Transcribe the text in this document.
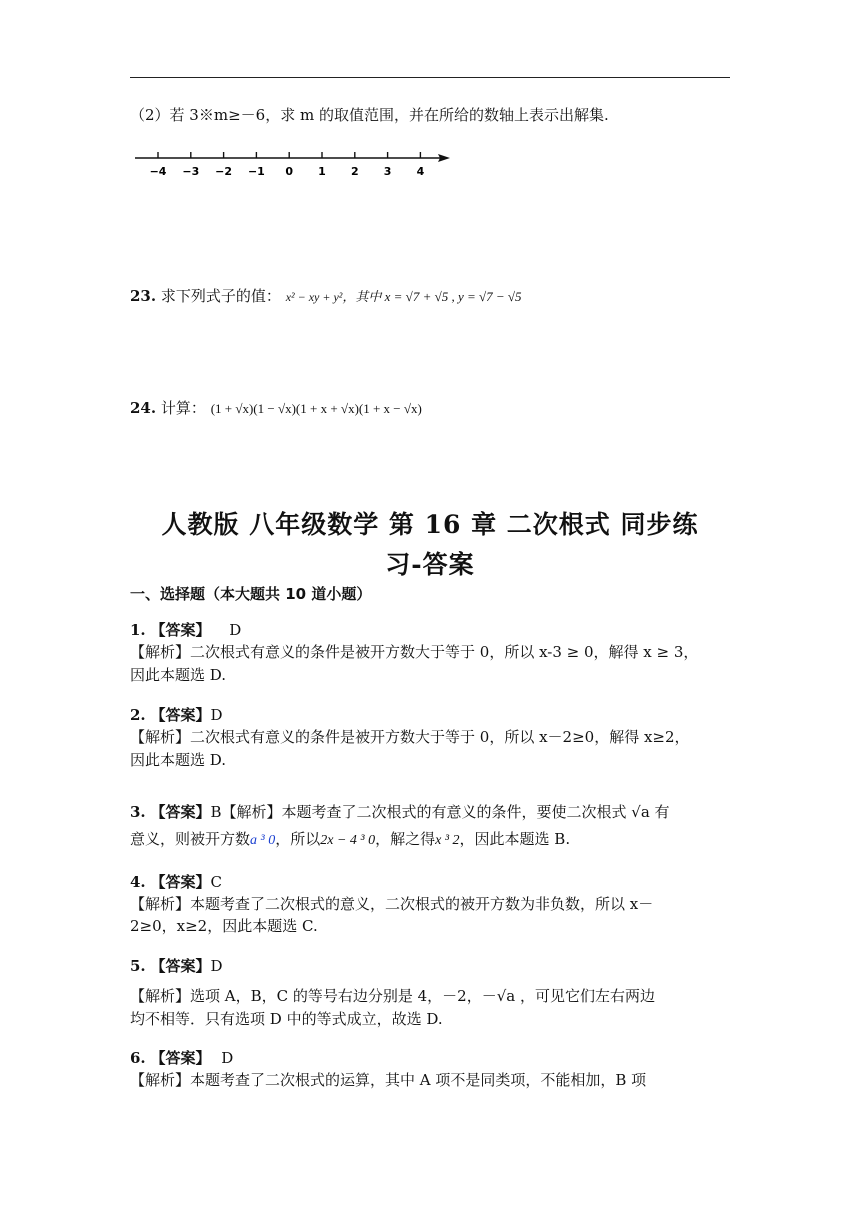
（2）若 3※m≥－6，求 m 的取值范围，并在所给的数轴上表示出解集.
−4 −3 −2 −1 0 1 2 3 4
23. 求下列式子的值： x² − xy + y²，其中 x = √7 + √5 , y = √7 − √5
24. 计算： (1 + √x)(1 − √x)(1 + x + √x)(1 + x − √x)
人教版 八年级数学 第 16 章 二次根式 同步练
习-答案
一、选择题（本大题共 10 道小题）
1. 【答案】 D
【解析】二次根式有意义的条件是被开方数大于等于 0，所以 x-3 ≥ 0，解得 x ≥ 3，
因此本题选 D.
2. 【答案】D
【解析】二次根式有意义的条件是被开方数大于等于 0，所以 x－2≥0，解得 x≥2，
因此本题选 D.
3. 【答案】B【解析】本题考查了二次根式的有意义的条件，要使二次根式 √a 有
意义，则被开方数a ³ 0，所以2x − 4 ³ 0，解之得x ³ 2，因此本题选 B.
4. 【答案】C
【解析】本题考查了二次根式的意义，二次根式的被开方数为非负数，所以 x－
2≥0，x≥2，因此本题选 C.
5. 【答案】D
【解析】选项 A，B，C 的等号右边分别是 4，－2，－√a ，可见它们左右两边
均不相等．只有选项 D 中的等式成立，故选 D.
6. 【答案】 D
【解析】本题考查了二次根式的运算，其中 A 项不是同类项，不能相加，B 项
